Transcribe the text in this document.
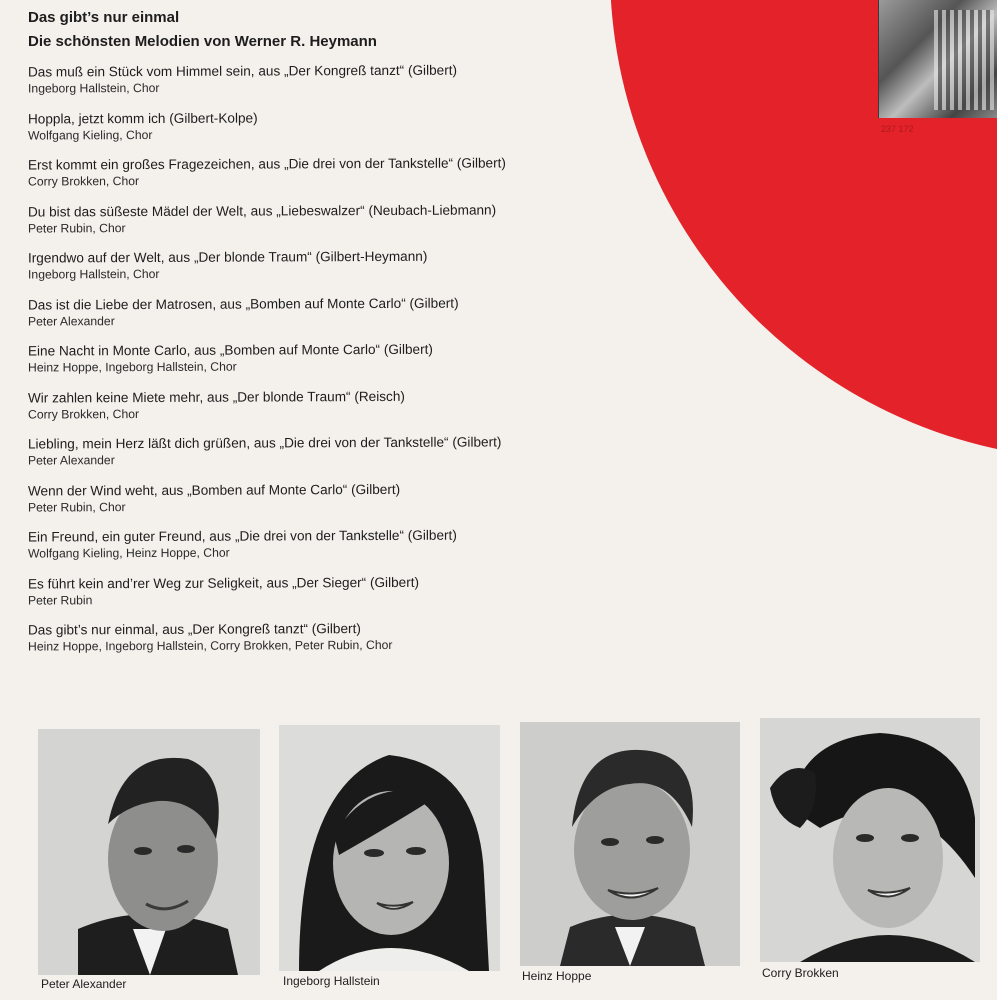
237 172
Das gibt’s nur einmal
Die schönsten Melodien von Werner R. Heymann
Das muß ein Stück vom Himmel sein, aus „Der Kongreß tanzt“ (Gilbert)
Ingeborg Hallstein, Chor
Hoppla, jetzt komm ich (Gilbert-Kolpe)
Wolfgang Kieling, Chor
Erst kommt ein großes Fragezeichen, aus „Die drei von der Tankstelle“ (Gilbert)
Corry Brokken, Chor
Du bist das süßeste Mädel der Welt, aus „Liebeswalzer“ (Neubach-Liebmann)
Peter Rubin, Chor
Irgendwo auf der Welt, aus „Der blonde Traum“ (Gilbert-Heymann)
Ingeborg Hallstein, Chor
Das ist die Liebe der Matrosen, aus „Bomben auf Monte Carlo“ (Gilbert)
Peter Alexander
Eine Nacht in Monte Carlo, aus „Bomben auf Monte Carlo“ (Gilbert)
Heinz Hoppe, Ingeborg Hallstein, Chor
Wir zahlen keine Miete mehr, aus „Der blonde Traum“ (Reisch)
Corry Brokken, Chor
Liebling, mein Herz läßt dich grüßen, aus „Die drei von der Tankstelle“ (Gilbert)
Peter Alexander
Wenn der Wind weht, aus „Bomben auf Monte Carlo“ (Gilbert)
Peter Rubin, Chor
Ein Freund, ein guter Freund, aus „Die drei von der Tankstelle“ (Gilbert)
Wolfgang Kieling, Heinz Hoppe, Chor
Es führt kein and’rer Weg zur Seligkeit, aus „Der Sieger“ (Gilbert)
Peter Rubin
Das gibt’s nur einmal, aus „Der Kongreß tanzt“ (Gilbert)
Heinz Hoppe, Ingeborg Hallstein, Corry Brokken, Peter Rubin, Chor
Peter Alexander	Ingeborg Hallstein	Heinz Hoppe	Corry Brokken
